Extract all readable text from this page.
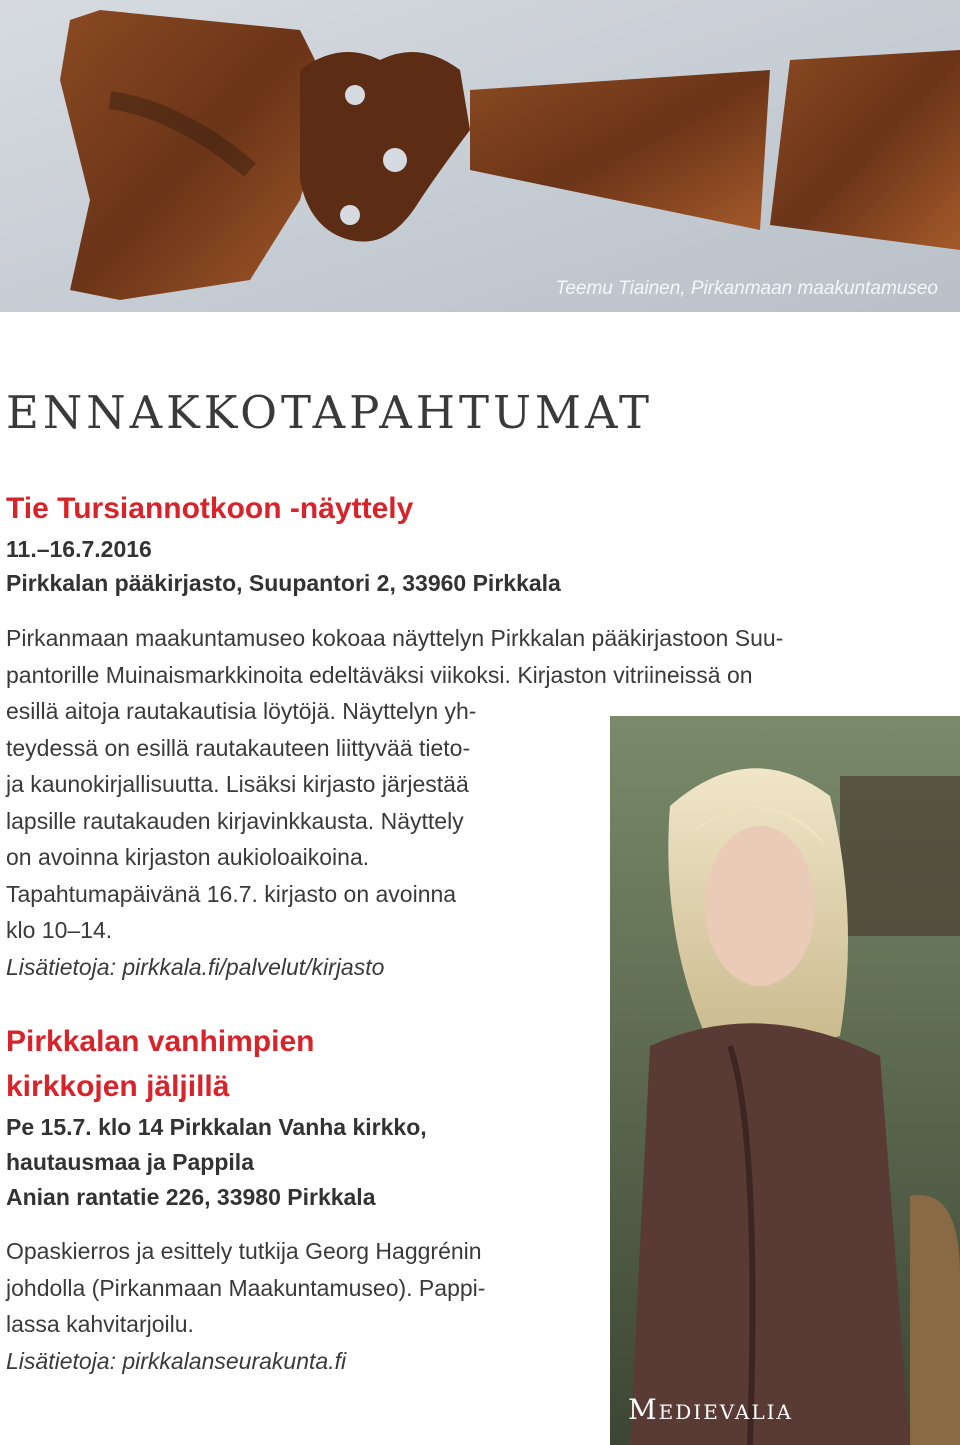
Teemu Tiainen, Pirkanmaan maakuntamuseo
ennakkotapahtumat
Tie Tursiannotkoon -näyttely
11.–16.7.2016
Pirkkalan pääkirjasto, Suupantori 2, 33960 Pirkkala

Pirkanmaan maakuntamuseo kokoaa näyttelyn Pirkkalan pääkirjastoon Suu-

pantorille Muinaismarkkinoita edeltäväksi viikoksi. Kirjaston vitriineissä on

esillä aitoja rautakautisia löytöjä. Näyttelyn yh-

teydessä on esillä rautakauteen liittyvää tieto-

ja kaunokirjallisuutta. Lisäksi kirjasto järjestää

lapsille rautakauden kirjavinkkausta. Näyttely

on avoinna kirjaston aukioloaikoina.

Tapahtumapäivänä 16.7. kirjasto on avoinna

klo 10–14.

Lisätietoja: pirkkala.fi/palvelut/kirjasto

Pirkkalan vanhimpien
kirkkojen jäljillä
Pe 15.7. klo 14 Pirkkalan Vanha kirkko,
hautausmaa ja Pappila
Anian rantatie 226, 33980 Pirkkala

Opaskierros ja esittely tutkija Georg Haggrénin

johdolla (Pirkanmaan Maakuntamuseo). Pappi-

lassa kahvitarjoilu.

Lisätietoja: pirkkalanseurakunta.fi

Medievalia
